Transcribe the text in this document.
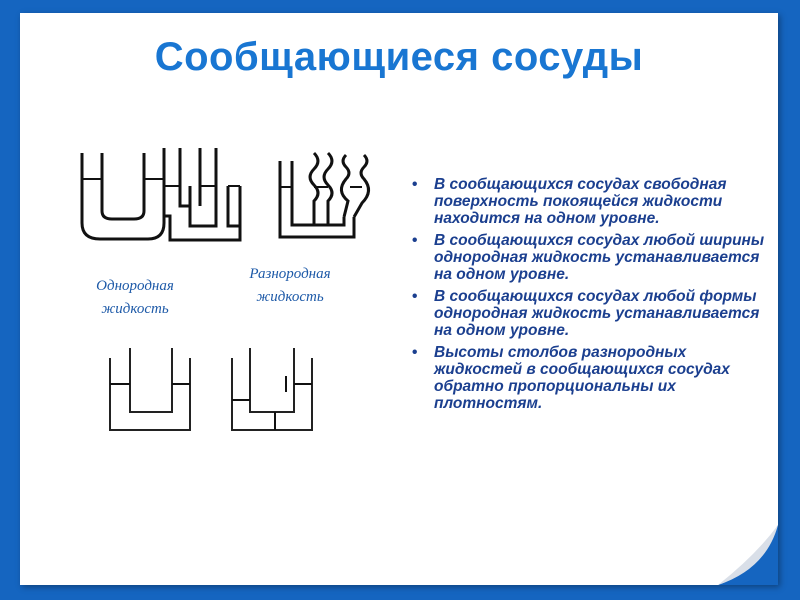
Сообщающиеся сосуды
Однородная
жидкость
Разнородная
жидкость
• В сообщающихся сосудах свободная поверхность покоящейся жидкости находится на одном уровне.
• В сообщающихся сосудах любой ширины однородная жидкость устанавливается на одном уровне.
• В сообщающихся сосудах любой формы однородная жидкость устанавливается на одном уровне.
• Высоты столбов разнородных жидкостей в сообщающихся сосудах обратно пропорциональны их плотностям.
